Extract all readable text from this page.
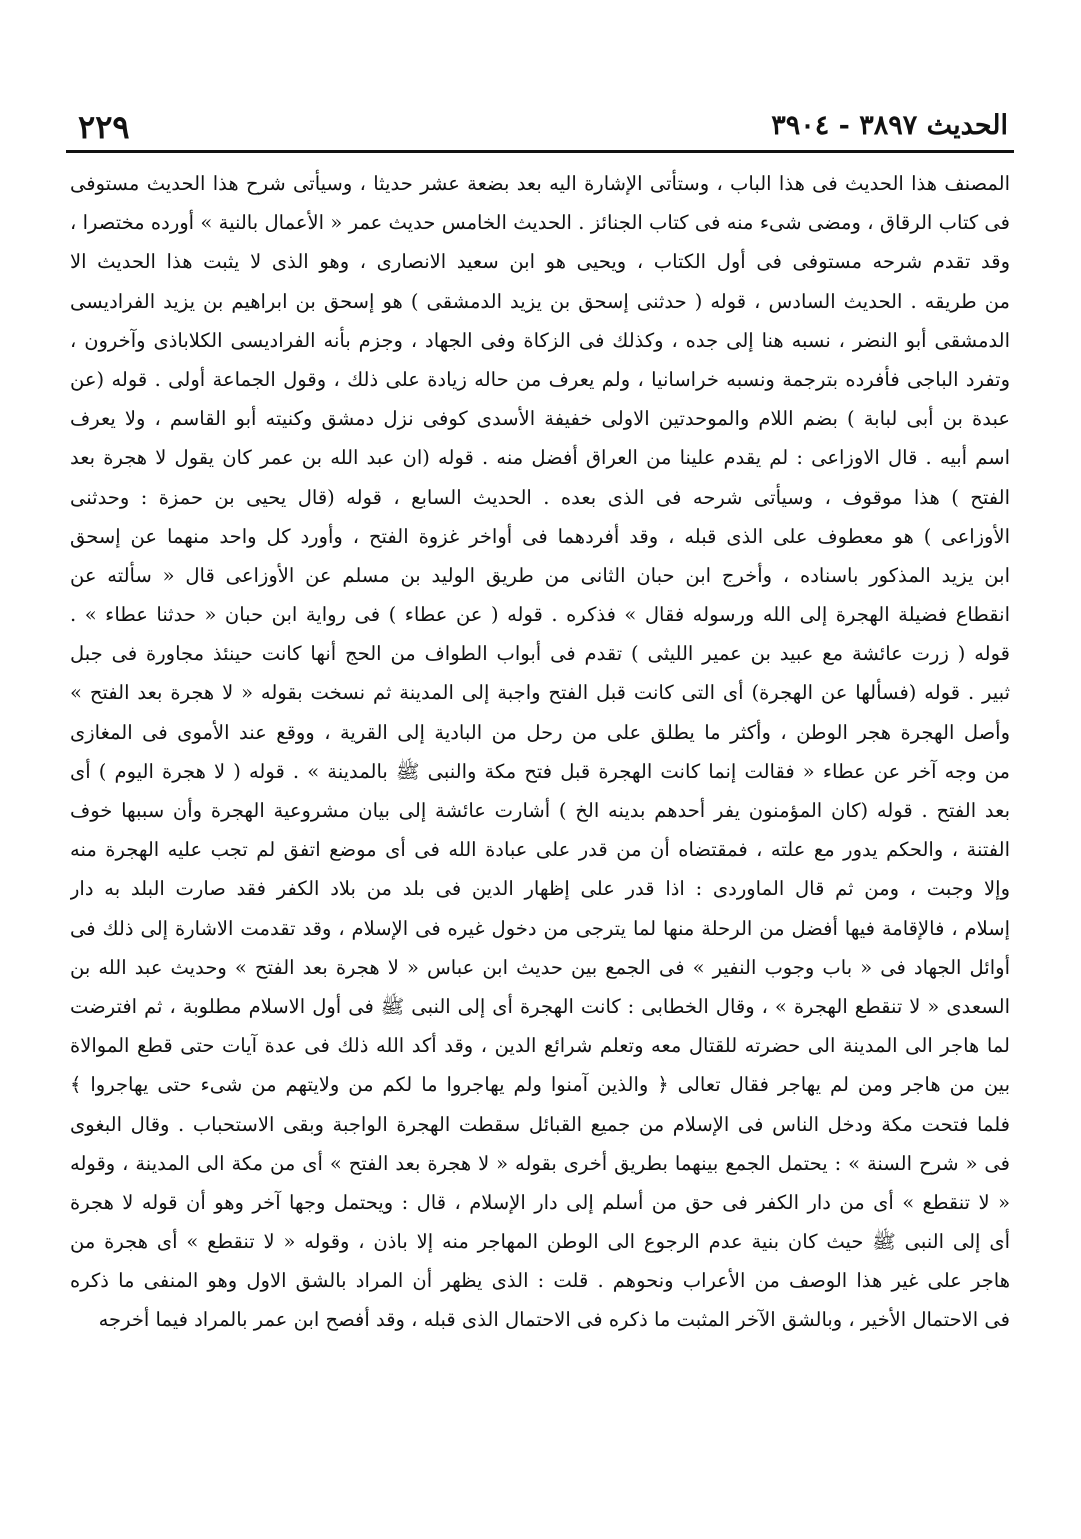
الحديث ٣٨٩٧ - ٣٩٠٤
٢٢٩
المصنف هذا الحديث فى هذا الباب ، وستأتى الإشارة اليه بعد بضعة عشر حديثا ، وسيأتى شرح هذا الحديث مستوفى
فى كتاب الرقاق ، ومضى شىء منه فى كتاب الجنائز . الحديث الخامس حديث عمر « الأعمال بالنية » أورده مختصرا ،
وقد تقدم شرحه مستوفى فى أول الكتاب ، ويحيى هو ابن سعيد الانصارى ، وهو الذى لا يثبت هذا الحديث الا
من طريقه . الحديث السادس ، قوله ( حدثنى إسحق بن يزيد الدمشقى ) هو إسحق بن ابراهيم بن يزيد الفراديسى
الدمشقى أبو النضر ، نسبه هنا إلى جده ، وكذلك فى الزكاة وفى الجهاد ، وجزم بأنه الفراديسى الكلاباذى وآخرون ،
وتفرد الباجى فأفرده بترجمة ونسبه خراسانيا ، ولم يعرف من حاله زيادة على ذلك ، وقول الجماعة أولى . قوله (عن
عبدة بن أبى لبابة ) بضم اللام والموحدتين الاولى خفيفة الأسدى كوفى نزل دمشق وكنيته أبو القاسم ، ولا يعرف
اسم أبيه . قال الاوزاعى : لم يقدم علينا من العراق أفضل منه . قوله (ان عبد الله بن عمر كان يقول لا هجرة بعد
الفتح ) هذا موقوف ، وسيأتى شرحه فى الذى بعده . الحديث السابع ، قوله (قال يحيى بن حمزة : وحدثنى
الأوزاعى ) هو معطوف على الذى قبله ، وقد أفردهما فى أواخر غزوة الفتح ، وأورد كل واحد منهما عن إسحق
ابن يزيد المذكور باسناده ، وأخرج ابن حبان الثانى من طريق الوليد بن مسلم عن الأوزاعى قال « سألته عن
انقطاع فضيلة الهجرة إلى الله ورسوله فقال » فذكره . قوله ( عن عطاء ) فى رواية ابن حبان « حدثنا عطاء » .
قوله ( زرت عائشة مع عبيد بن عمير الليثى ) تقدم فى أبواب الطواف من الحج أنها كانت حينئذ مجاورة فى جبل
ثبير . قوله (فسألها عن الهجرة) أى التى كانت قبل الفتح واجبة إلى المدينة ثم نسخت بقوله « لا هجرة بعد الفتح »
وأصل الهجرة هجر الوطن ، وأكثر ما يطلق على من رحل من البادية إلى القرية ، ووقع عند الأموى فى المغازى
من وجه آخر عن عطاء « فقالت إنما كانت الهجرة قبل فتح مكة والنبى ﷺ بالمدينة » . قوله ( لا هجرة اليوم ) أى
بعد الفتح . قوله (كان المؤمنون يفر أحدهم بدينه الخ ) أشارت عائشة إلى بيان مشروعية الهجرة وأن سببها خوف
الفتنة ، والحكم يدور مع علته ، فمقتضاه أن من قدر على عبادة الله فى أى موضع اتفق لم تجب عليه الهجرة منه
وإلا وجبت ، ومن ثم قال الماوردى : اذا قدر على إظهار الدين فى بلد من بلاد الكفر فقد صارت البلد به دار
إسلام ، فالإقامة فيها أفضل من الرحلة منها لما يترجى من دخول غيره فى الإسلام ، وقد تقدمت الاشارة إلى ذلك فى
أوائل الجهاد فى « باب وجوب النفير » فى الجمع بين حديث ابن عباس « لا هجرة بعد الفتح » وحديث عبد الله بن
السعدى « لا تنقطع الهجرة » ، وقال الخطابى : كانت الهجرة أى إلى النبى ﷺ فى أول الاسلام مطلوبة ، ثم افترضت
لما هاجر الى المدينة الى حضرته للقتال معه وتعلم شرائع الدين ، وقد أكد الله ذلك فى عدة آيات حتى قطع الموالاة
بين من هاجر ومن لم يهاجر فقال تعالى ﴿ والذين آمنوا ولم يهاجروا ما لكم من ولايتهم من شىء حتى يهاجروا ﴾
فلما فتحت مكة ودخل الناس فى الإسلام من جميع القبائل سقطت الهجرة الواجبة وبقى الاستحباب . وقال البغوى
فى « شرح السنة » : يحتمل الجمع بينهما بطريق أخرى بقوله « لا هجرة بعد الفتح » أى من مكة الى المدينة ، وقوله
« لا تنقطع » أى من دار الكفر فى حق من أسلم إلى دار الإسلام ، قال : ويحتمل وجها آخر وهو أن قوله لا هجرة
أى إلى النبى ﷺ حيث كان بنية عدم الرجوع الى الوطن المهاجر منه إلا باذن ، وقوله « لا تنقطع » أى هجرة من
هاجر على غير هذا الوصف من الأعراب ونحوهم . قلت : الذى يظهر أن المراد بالشق الاول وهو المنفى ما ذكره
فى الاحتمال الأخير ، وبالشق الآخر المثبت ما ذكره فى الاحتمال الذى قبله ، وقد أفصح ابن عمر بالمراد فيما أخرجه
